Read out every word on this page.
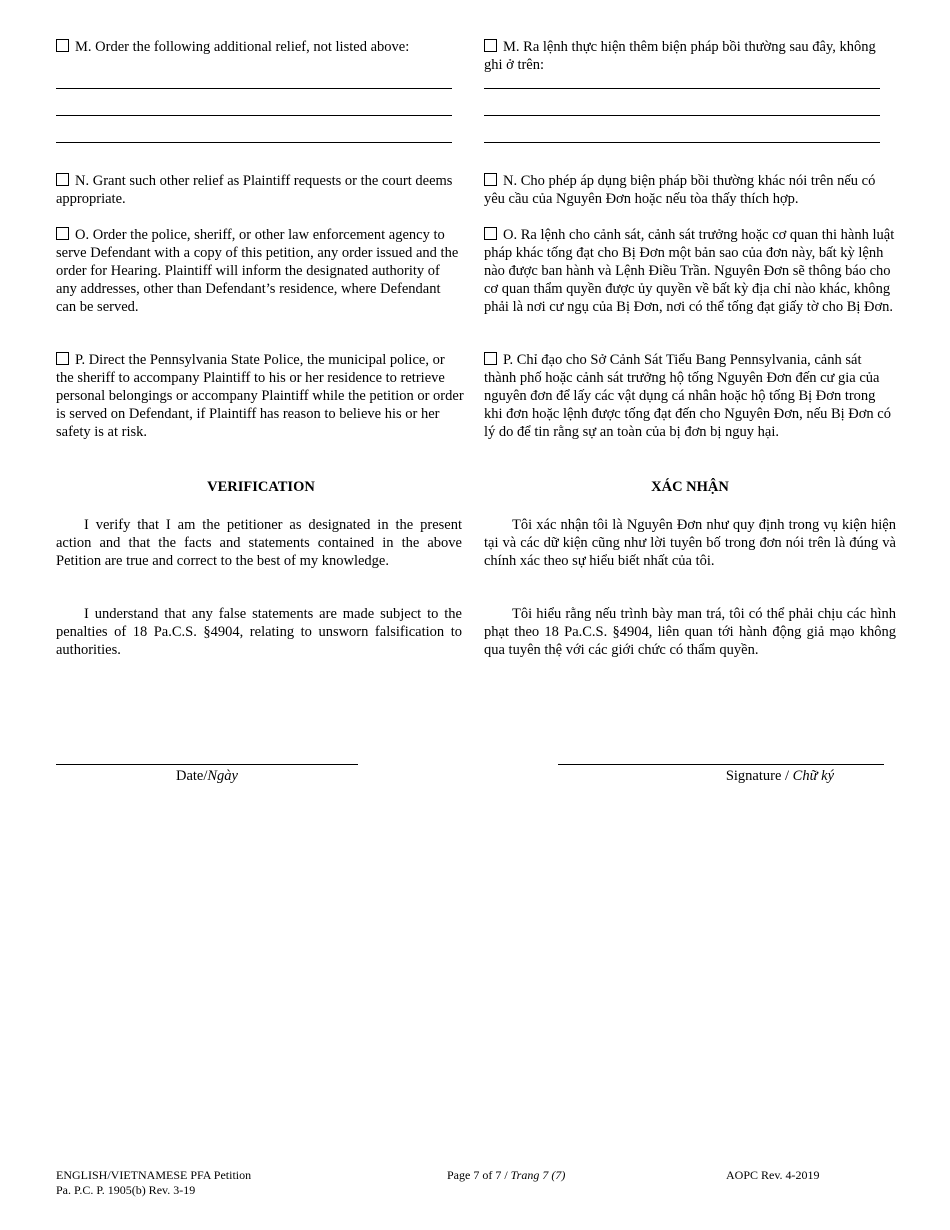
M. Order the following additional relief, not listed above:

N. Grant such other relief as Plaintiff requests or the court deems appropriate.

O. Order the police, sheriff, or other law enforcement agency to serve Defendant with a copy of this petition, any order issued and the order for Hearing. Plaintiff will inform the designated authority of any addresses, other than Defendant’s residence, where Defendant can be served.

P. Direct the Pennsylvania State Police, the municipal police, or the sheriff to accompany Plaintiff to his or her residence to retrieve personal belongings or accompany Plaintiff while the petition or order is served on Defendant, if Plaintiff has reason to believe his or her safety is at risk.

VERIFICATION

I verify that I am the petitioner as designated in the present action and that the facts and statements contained in the above Petition are true and correct to the best of my knowledge.

I understand that any false statements are made subject to the penalties of 18 Pa.C.S. §4904, relating to unsworn falsification to authorities.

M. Ra lệnh thực hiện thêm biện pháp bồi thường sau đây, không ghi ở trên:

N. Cho phép áp dụng biện pháp bồi thường khác nói trên nếu có yêu cầu của Nguyên Đơn hoặc nếu tòa thấy thích hợp.

O. Ra lệnh cho cảnh sát, cảnh sát trưởng hoặc cơ quan thi hành luật pháp khác tống đạt cho Bị Đơn một bản sao của đơn này, bất kỳ lệnh nào được ban hành và Lệnh Điều Trần. Nguyên Đơn sẽ thông báo cho cơ quan thẩm quyền được ủy quyền về bất kỳ địa chỉ nào khác, không phải là nơi cư ngụ của Bị Đơn, nơi có thể tống đạt giấy tờ cho Bị Đơn.

P. Chỉ đạo cho Sở Cảnh Sát Tiểu Bang Pennsylvania, cảnh sát thành phố hoặc cảnh sát trưởng hộ tống Nguyên Đơn đến cư gia của nguyên đơn để lấy các vật dụng cá nhân hoặc hộ tống Bị Đơn trong khi đơn hoặc lệnh được tống đạt đến cho Nguyên Đơn, nếu Bị Đơn có lý do để tin rằng sự an toàn của bị đơn bị nguy hại.

XÁC NHẬN

Tôi xác nhận tôi là Nguyên Đơn như quy định trong vụ kiện hiện tại và các dữ kiện cũng như lời tuyên bố trong đơn nói trên là đúng và chính xác theo sự hiểu biết nhất của tôi.

Tôi hiểu rằng nếu trình bày man trá, tôi có thể phải chịu các hình phạt theo 18 Pa.C.S. §4904, liên quan tới hành động giả mạo không qua tuyên thệ với các giới chức có thẩm quyền.

Date/Ngày	Signature / Chữ ký
ENGLISH/VIETNAMESE PFA Petition
Pa. P.C. P. 1905(b) Rev. 3-19
Page 7 of 7 / Trang 7 (7)	AOPC Rev. 4-2019
